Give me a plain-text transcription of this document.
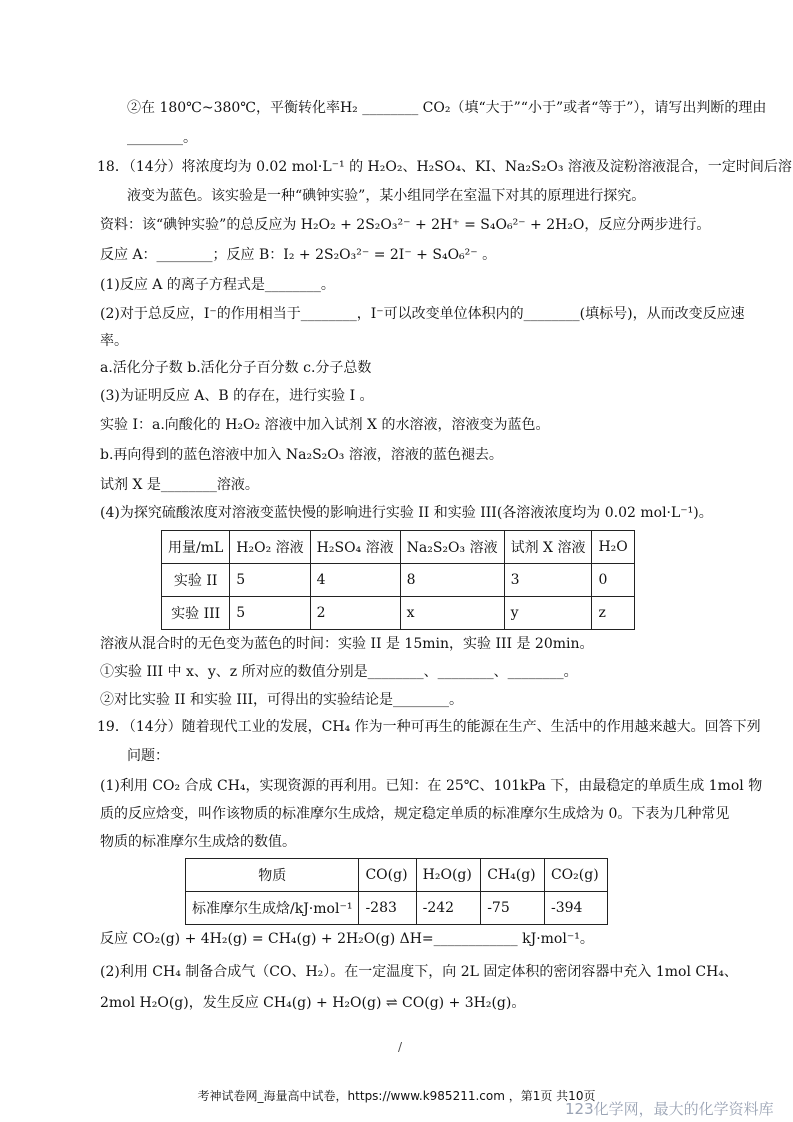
②在 180℃~380℃，平衡转化率H₂ ________ CO₂（填“大于”“小于”或者“等于”），请写出判断的理由
________。
18．（14分）将浓度均为 0.02 mol·L⁻¹ 的 H₂O₂、H₂SO₄、KI、Na₂S₂O₃ 溶液及淀粉溶液混合，一定时间后溶
液变为蓝色。该实验是一种“碘钟实验”，某小组同学在室温下对其的原理进行探究。
资料：该“碘钟实验”的总反应为 H₂O₂ + 2S₂O₃²⁻ + 2H⁺ = S₄O₆²⁻ + 2H₂O，反应分两步进行。
反应 A：________；反应 B：I₂ + 2S₂O₃²⁻ = 2I⁻ + S₄O₆²⁻ 。
(1)反应 A 的离子方程式是________。
(2)对于总反应，I⁻的作用相当于________，I⁻可以改变单位体积内的________(填标号)，从而改变反应速
率。
a.活化分子数 b.活化分子百分数 c.分子总数
(3)为证明反应 A、B 的存在，进行实验 I 。
实验 I：a.向酸化的 H₂O₂ 溶液中加入试剂 X 的水溶液，溶液变为蓝色。
b.再向得到的蓝色溶液中加入 Na₂S₂O₃ 溶液，溶液的蓝色褪去。
试剂 X 是________溶液。
(4)为探究硫酸浓度对溶液变蓝快慢的影响进行实验 II 和实验 III(各溶液浓度均为 0.02 mol·L⁻¹)。
用量/mL	H₂O₂ 溶液	H₂SO₄ 溶液	Na₂S₂O₃ 溶液	试剂 X 溶液	H₂O
实验 II	5	4	8	3	0
实验 III	5	2	x	y	z
溶液从混合时的无色变为蓝色的时间：实验 II 是 15min，实验 III 是 20min。
①实验 III 中 x、y、z 所对应的数值分别是________、________、________。
②对比实验 II 和实验 III，可得出的实验结论是________。
19．（14分）随着现代工业的发展，CH₄ 作为一种可再生的能源在生产、生活中的作用越来越大。回答下列
问题：
(1)利用 CO₂ 合成 CH₄，实现资源的再利用。已知：在 25℃、101kPa 下，由最稳定的单质生成 1mol 物
质的反应焓变，叫作该物质的标准摩尔生成焓，规定稳定单质的标准摩尔生成焓为 0。下表为几种常见
物质的标准摩尔生成焓的数值。
物质	CO(g)	H₂O(g)	CH₄(g)	CO₂(g)
标准摩尔生成焓/kJ·mol⁻¹	-283	-242	-75	-394
反应 CO₂(g) + 4H₂(g) = CH₄(g) + 2H₂O(g) ΔH=____________ kJ·mol⁻¹。
(2)利用 CH₄ 制备合成气（CO、H₂）。在一定温度下，向 2L 固定体积的密闭容器中充入 1mol CH₄、
2mol H₂O(g)，发生反应 CH₄(g) + H₂O(g) ⇌ CO(g) + 3H₂(g)。
/
考神试卷网_海量高中试卷，https://www.k985211.com ，第1页 共10页
123化学网，最大的化学资料库
